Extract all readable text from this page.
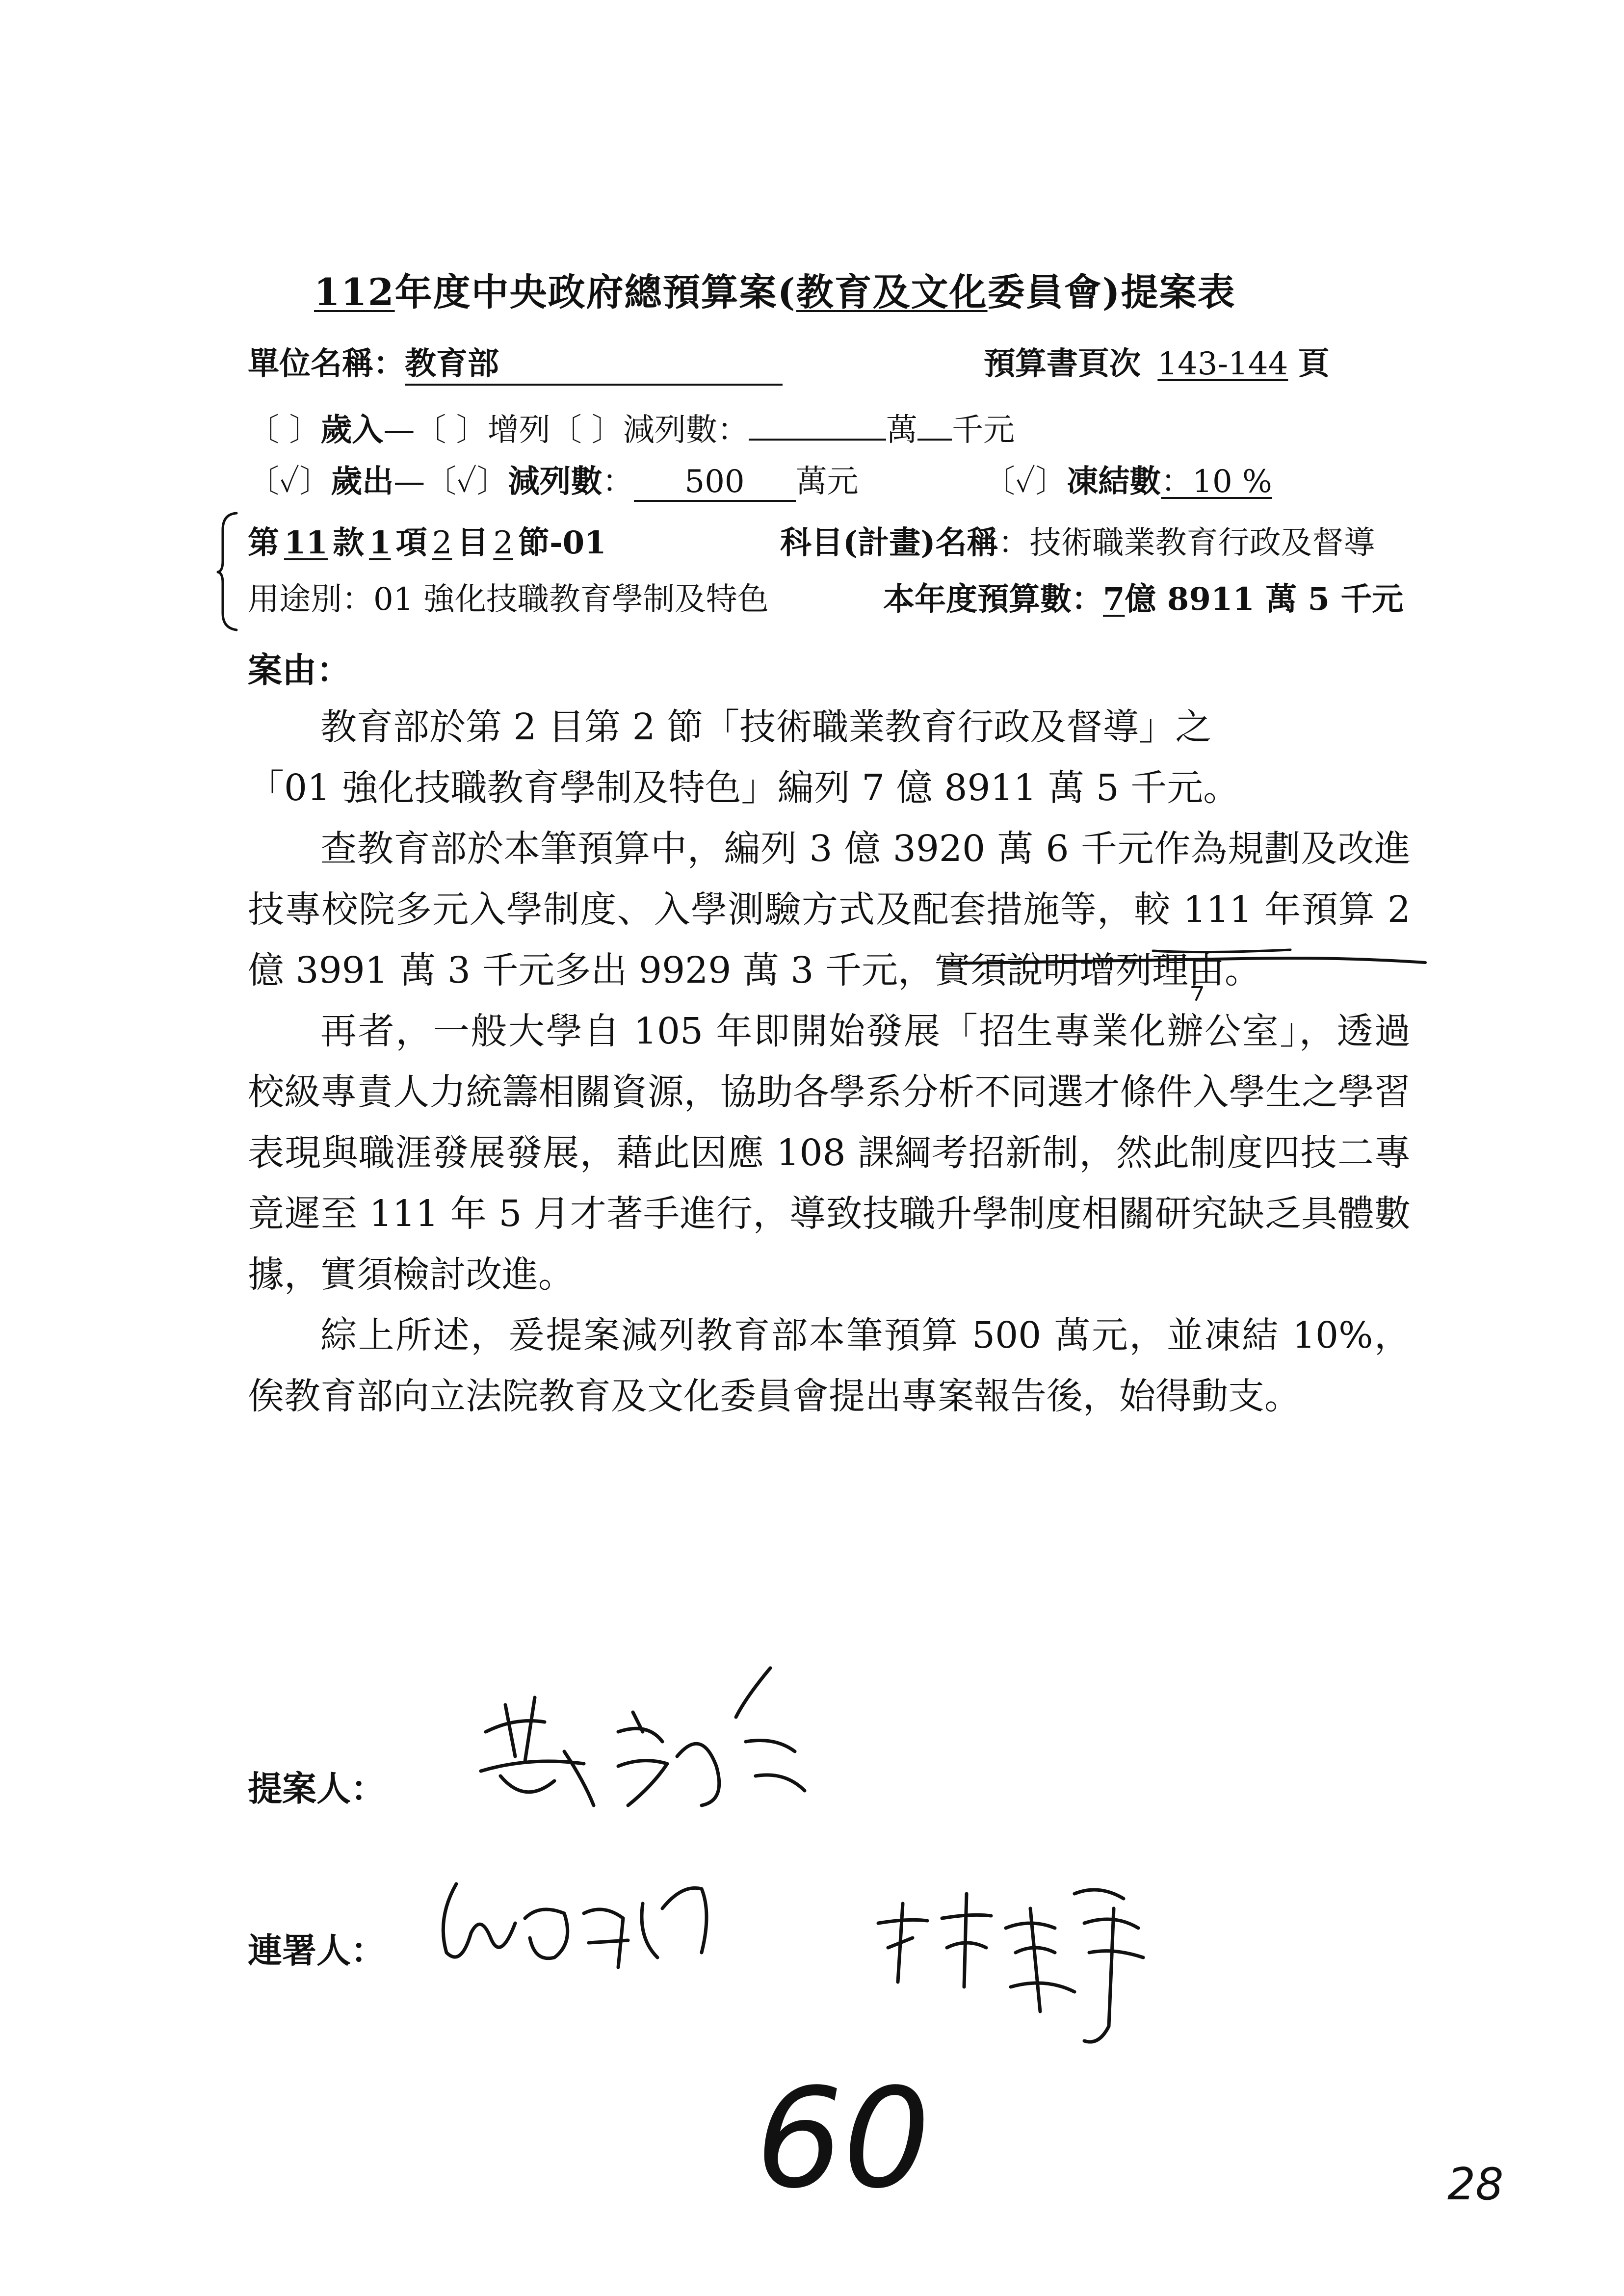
112年度中央政府總預算案(教育及文化委員會)提案表
單位名稱：教育部	預算書頁次 143-144 頁
〔 〕歲入—〔 〕增列〔 〕減列數：	萬 千元
〔✓〕歲出—〔✓〕減列數： 500 萬元	〔✓〕凍結數：10 %
第 11 款 1 項 2 目 2 節-01	科目(計畫)名稱：技術職業教育行政及督導
用途別：01 強化技職教育學制及特色	本年度預算數：7億 8911 萬 5 千元
案由：

教育部於第 2 目第 2 節「技術職業教育行政及督導」之

「01 強化技職教育學制及特色」編列 7 億 8911 萬 5 千元。

查教育部於本筆預算中，編列 3 億 3920 萬 6 千元作為規劃及改進技專校院多元入學制度、入學測驗方式及配套措施等，較 111 年預算 2 億 3991 萬 3 千元多出 9929 萬 3 千元，實須說明增列理由。

再者，一般大學自 105 年即開始發展「招生專業化辦公室」，透過校級專責人力統籌相關資源，協助各學系分析不同選才條件入學生之學習表現與職涯發展發展，藉此因應 108 課綱考招新制，然此制度四技二專竟遲至 111 年 5 月才著手進行，導致技職升學制度相關研究缺乏具體數據，實須檢討改進。

綜上所述，爰提案減列教育部本筆預算 500 萬元，並凍結 10%，俟教育部向立法院教育及文化委員會提出專案報告後，始得動支。

提案人：
連署人：
60	28
